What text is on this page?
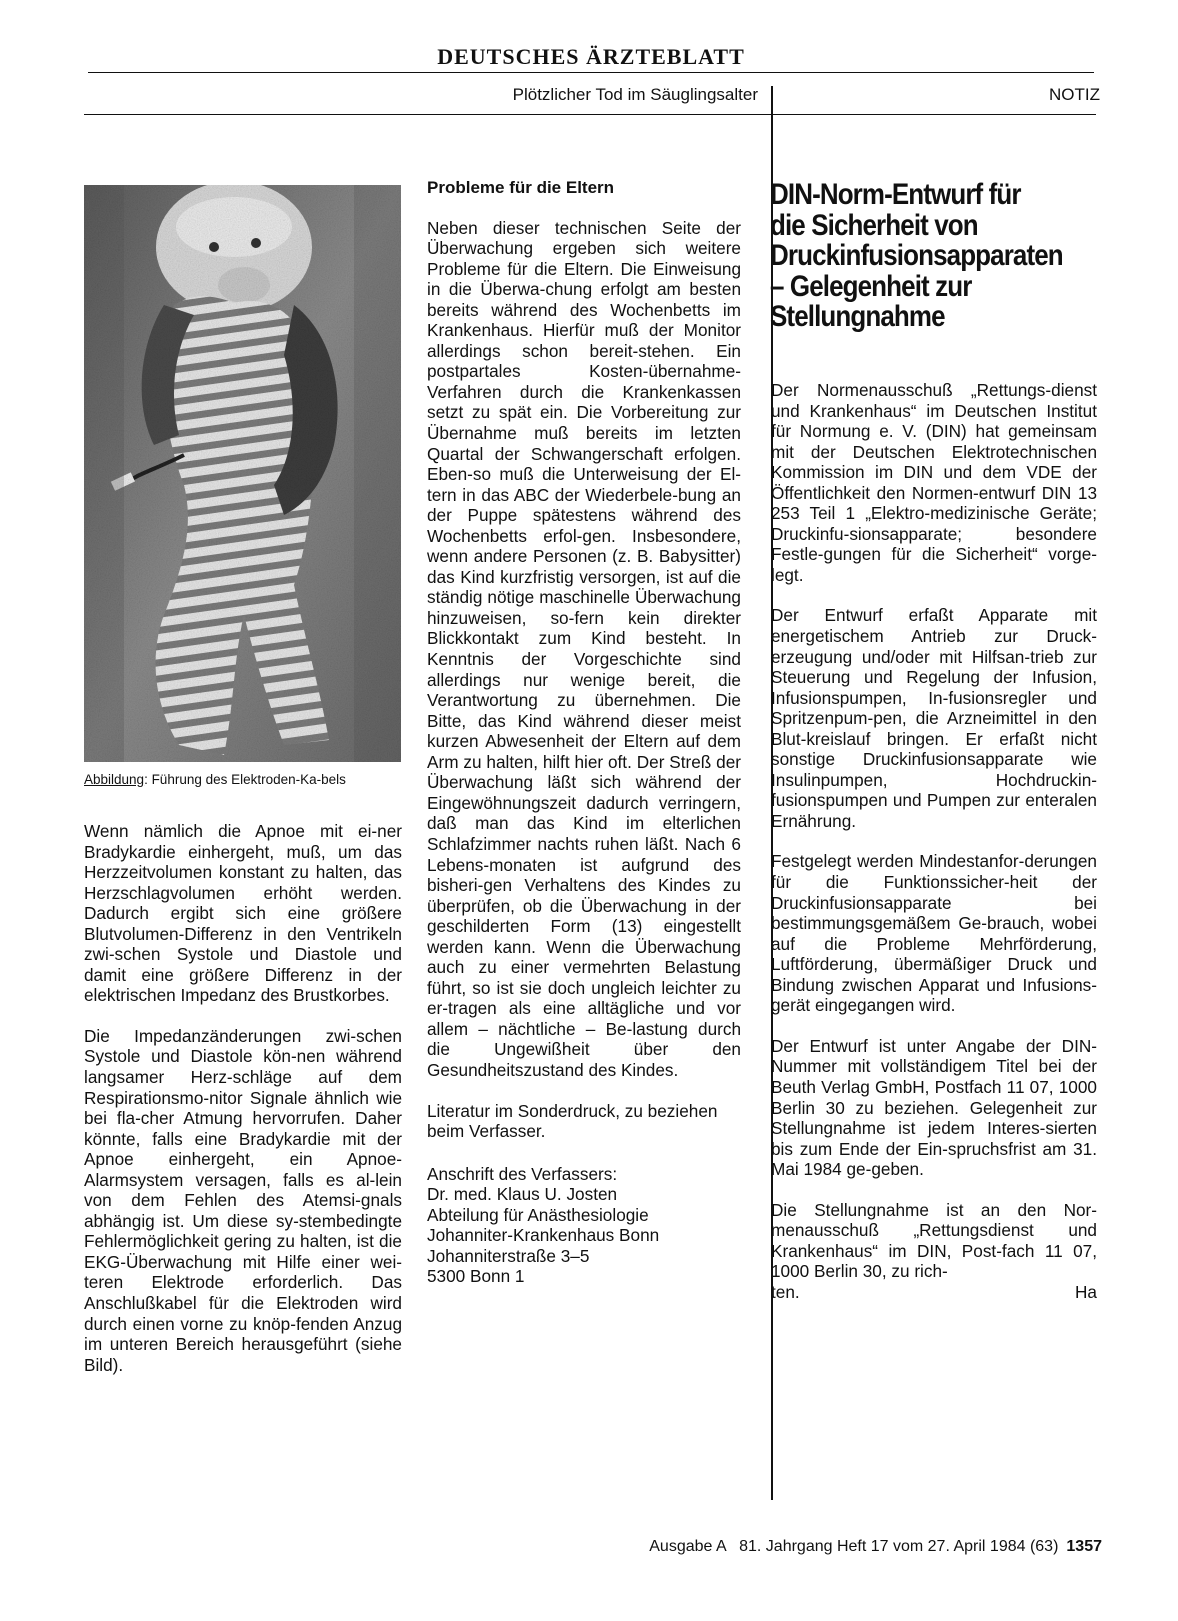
DEUTSCHES ÄRZTEBLATT
Plötzlicher Tod im Säuglingsalter	NOTIZ
Abbildung: Führung des Elektroden-Ka-bels

Wenn nämlich die Apnoe mit ei-ner Bradykardie einhergeht, muß, um das Herzzeitvolumen konstant zu halten, das Herzschlagvolumen erhöht werden. Dadurch ergibt sich eine größere Blutvolumen-Differenz in den Ventrikeln zwi-schen Systole und Diastole und damit eine größere Differenz in der elektrischen Impedanz des Brustkorbes.

Die Impedanzänderungen zwi-schen Systole und Diastole kön-nen während langsamer Herz-schläge auf dem Respirationsmo-nitor Signale ähnlich wie bei fla-cher Atmung hervorrufen. Daher könnte, falls eine Bradykardie mit der Apnoe einhergeht, ein Apnoe-Alarmsystem versagen, falls es al-lein von dem Fehlen des Atemsi-gnals abhängig ist. Um diese sy-stembedingte Fehlermöglichkeit gering zu halten, ist die EKG-Überwachung mit Hilfe einer wei-teren Elektrode erforderlich. Das Anschlußkabel für die Elektroden wird durch einen vorne zu knöp-fenden Anzug im unteren Bereich herausgeführt (siehe Bild).

Probleme für die Eltern

Neben dieser technischen Seite der Überwachung ergeben sich weitere Probleme für die Eltern. Die Einweisung in die Überwa-chung erfolgt am besten bereits während des Wochenbetts im Krankenhaus. Hierfür muß der Monitor allerdings schon bereit-stehen. Ein postpartales Kosten-übernahme-Verfahren durch die Krankenkassen setzt zu spät ein. Die Vorbereitung zur Übernahme muß bereits im letzten Quartal der Schwangerschaft erfolgen. Eben-so muß die Unterweisung der El-tern in das ABC der Wiederbele-bung an der Puppe spätestens während des Wochenbetts erfol-gen. Insbesondere, wenn andere Personen (z. B. Babysitter) das Kind kurzfristig versorgen, ist auf die ständig nötige maschinelle Überwachung hinzuweisen, so-fern kein direkter Blickkontakt zum Kind besteht. In Kenntnis der Vorgeschichte sind allerdings nur wenige bereit, die Verantwortung zu übernehmen. Die Bitte, das Kind während dieser meist kurzen Abwesenheit der Eltern auf dem Arm zu halten, hilft hier oft. Der Streß der Überwachung läßt sich während der Eingewöhnungszeit dadurch verringern, daß man das Kind im elterlichen Schlafzimmer nachts ruhen läßt. Nach 6 Lebens-monaten ist aufgrund des bisheri-gen Verhaltens des Kindes zu überprüfen, ob die Überwachung in der geschilderten Form (13) eingestellt werden kann. Wenn die Überwachung auch zu einer vermehrten Belastung führt, so ist sie doch ungleich leichter zu er-tragen als eine alltägliche und vor allem – nächtliche – Be-lastung durch die Ungewißheit über den Gesundheitszustand des Kindes.

Literatur im Sonderdruck, zu beziehen beim Verfasser.

Anschrift des Verfassers:
Dr. med. Klaus U. Josten
Abteilung für Anästhesiologie
Johanniter-Krankenhaus Bonn
Johanniterstraße 3–5
5300 Bonn 1

DIN-Norm-Entwurf für die Sicherheit von Druckinfusionsapparaten – Gelegenheit zur Stellungnahme

Der Normenausschuß „Rettungs-dienst und Krankenhaus“ im Deutschen Institut für Normung e. V. (DIN) hat gemeinsam mit der Deutschen Elektrotechnischen Kommission im DIN und dem VDE der Öffentlichkeit den Normen-entwurf DIN 13 253 Teil 1 „Elektro-medizinische Geräte; Druckinfu-sionsapparate; besondere Festle-gungen für die Sicherheit“ vorge-legt.

Der Entwurf erfaßt Apparate mit energetischem Antrieb zur Druck-erzeugung und/oder mit Hilfsan-trieb zur Steuerung und Regelung der Infusion, Infusionspumpen, In-fusionsregler und Spritzenpum-pen, die Arzneimittel in den Blut-kreislauf bringen. Er erfaßt nicht sonstige Druckinfusionsapparate wie Insulinpumpen, Hochdruckin-fusionspumpen und Pumpen zur enteralen Ernährung.

Festgelegt werden Mindestanfor-derungen für die Funktionssicher-heit der Druckinfusionsapparate bei bestimmungsgemäßem Ge-brauch, wobei auf die Probleme Mehrförderung, Luftförderung, übermäßiger Druck und Bindung zwischen Apparat und Infusions-gerät eingegangen wird.

Der Entwurf ist unter Angabe der DIN-Nummer mit vollständigem Titel bei der Beuth Verlag GmbH, Postfach 11 07, 1000 Berlin 30 zu beziehen. Gelegenheit zur Stellungnahme ist jedem Interes-sierten bis zum Ende der Ein-spruchsfrist am 31. Mai 1984 ge-geben.

Die Stellungnahme ist an den Nor-menausschuß „Rettungsdienst und Krankenhaus“ im DIN, Post-fach 11 07, 1000 Berlin 30, zu rich-

ten.	Ha
Ausgabe A   81. Jahrgang Heft 17 vom 27. April 1984 (63) 1357
